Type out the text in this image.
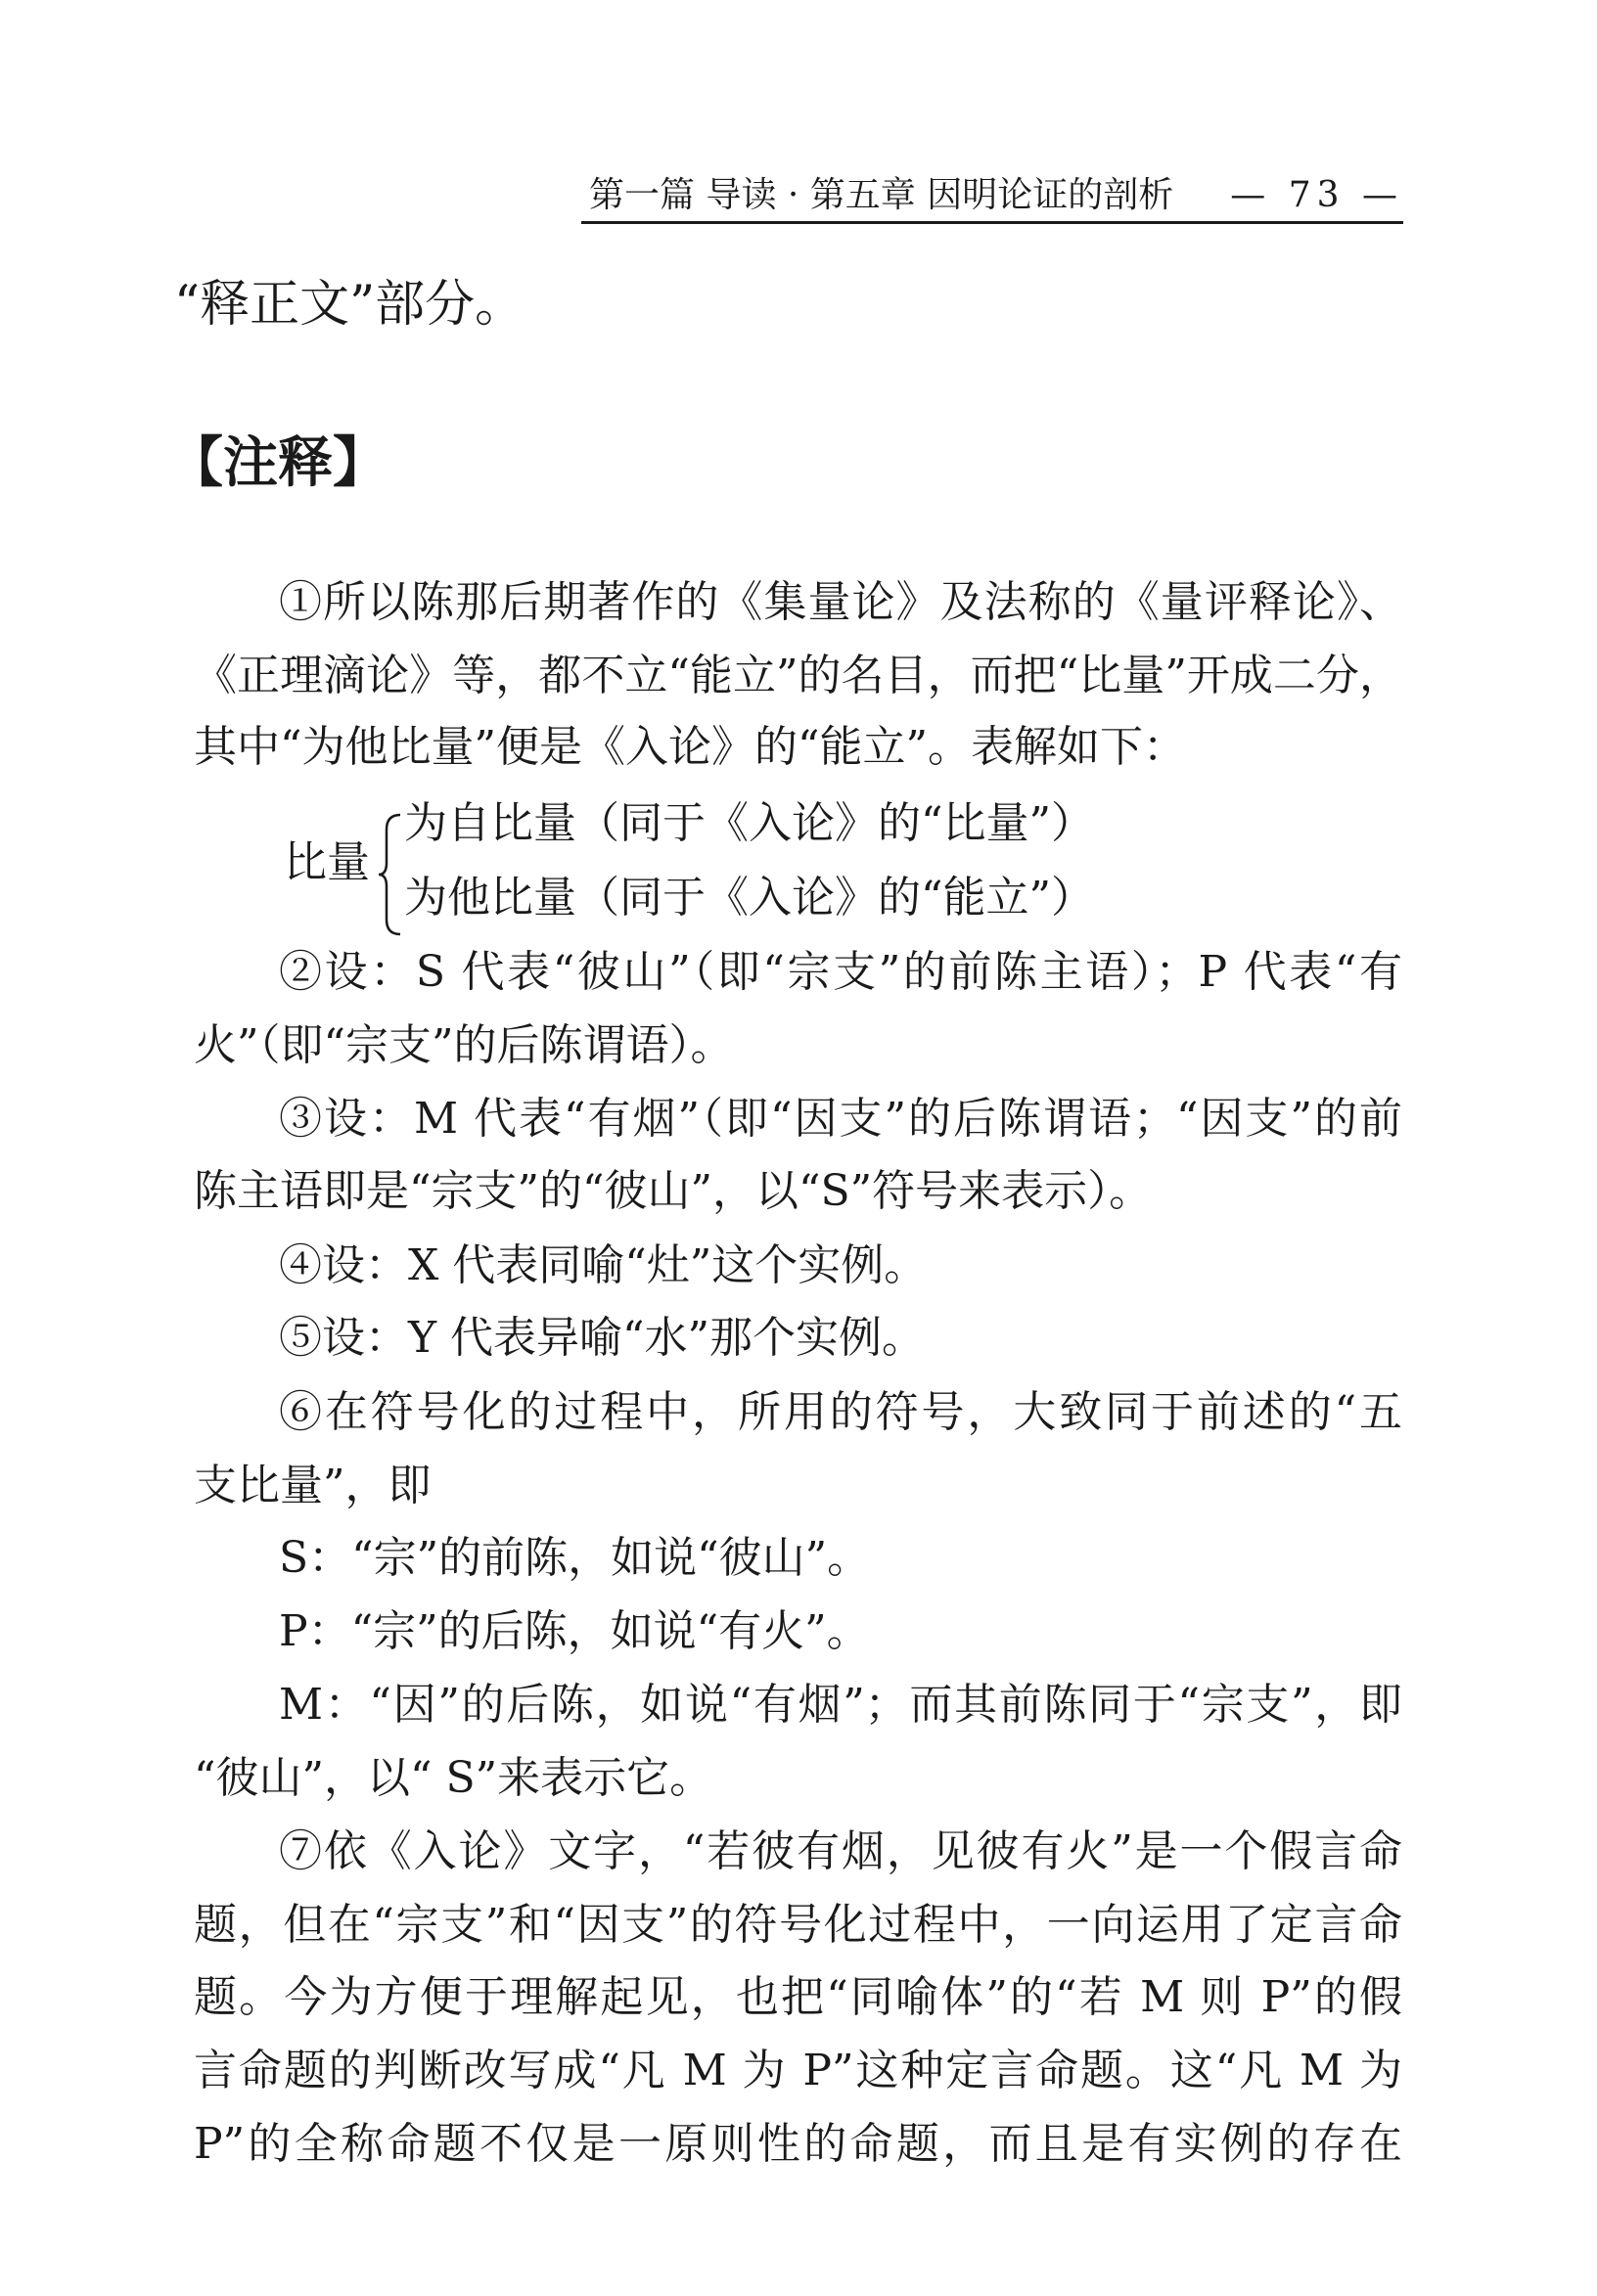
第一篇 导读 · 第五章 因明论证的剖析 — 73 —
“释正文”部分。
【注释】
①所以陈那后期著作的《集量论》及法称的《量评释论》、
《正理滴论》等，都不立“能立”的名目，而把“比量”开成二分，
其中“为他比量”便是《入论》的“能立”。表解如下：
比量
为自比量（同于《入论》的“比量”）
为他比量（同于《入论》的“能立”）
②设：S 代表“彼山”（即“宗支”的前陈主语）；P 代表“有
火”（即“宗支”的后陈谓语）。
③设：M 代表“有烟”（即“因支”的后陈谓语；“因支”的前
陈主语即是“宗支”的“彼山”，以“S”符号来表示）。
④设：X 代表同喻“灶”这个实例。
⑤设：Y 代表异喻“水”那个实例。
⑥在符号化的过程中，所用的符号，大致同于前述的“五
支比量”，即
S：“宗”的前陈，如说“彼山”。
P：“宗”的后陈，如说“有火”。
M：“因”的后陈，如说“有烟”；而其前陈同于“宗支”，即
“彼山”，以“ S”来表示它。
⑦依《入论》文字，“若彼有烟，见彼有火”是一个假言命
题，但在“宗支”和“因支”的符号化过程中，一向运用了定言命
题。今为方便于理解起见，也把“同喻体”的“若 M 则 P”的假
言命题的判断改写成“凡 M 为 P”这种定言命题。这“凡 M 为
P”的全称命题不仅是一原则性的命题，而且是有实例的存在
